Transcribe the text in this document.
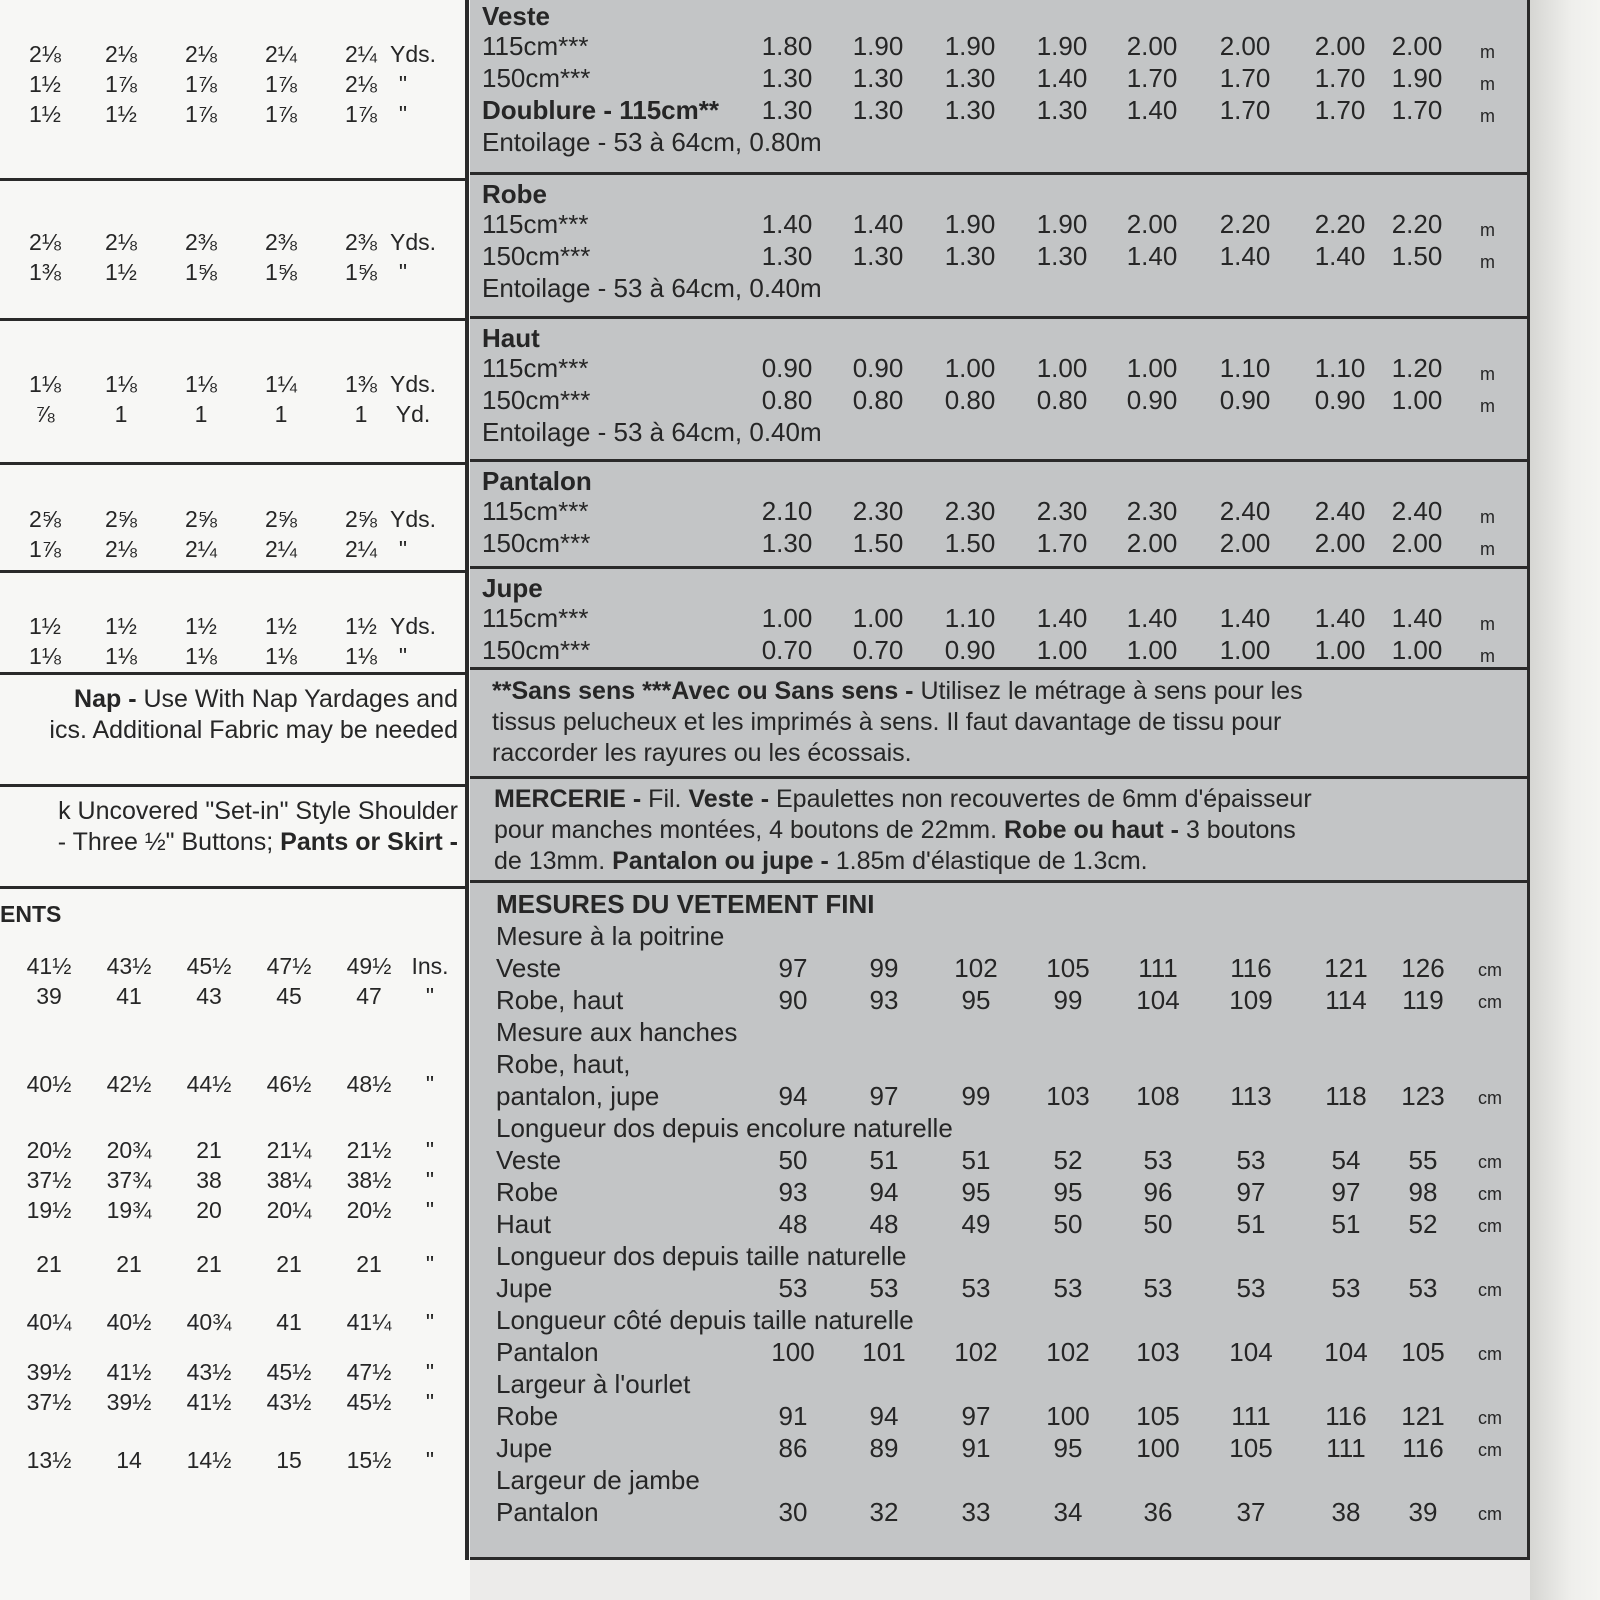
Veste
115cm***	1.80	1.90	1.90	1.90	2.00	2.00	2.00	2.00	m
150cm***	1.30	1.30	1.30	1.40	1.70	1.70	1.70	1.90	m
Doublure - 115cm**	1.30	1.30	1.30	1.30	1.40	1.70	1.70	1.70	m
Entoilage - 53 à 64cm, 0.80m
Robe
115cm***	1.40	1.40	1.90	1.90	2.00	2.20	2.20	2.20	m
150cm***	1.30	1.30	1.30	1.30	1.40	1.40	1.40	1.50	m
Entoilage - 53 à 64cm, 0.40m
Haut
115cm***	0.90	0.90	1.00	1.00	1.00	1.10	1.10	1.20	m
150cm***	0.80	0.80	0.80	0.80	0.90	0.90	0.90	1.00	m
Entoilage - 53 à 64cm, 0.40m
Pantalon
115cm***	2.10	2.30	2.30	2.30	2.30	2.40	2.40	2.40	m
150cm***	1.30	1.50	1.50	1.70	2.00	2.00	2.00	2.00	m
Jupe
115cm***	1.00	1.00	1.10	1.40	1.40	1.40	1.40	1.40	m
150cm***	0.70	0.70	0.90	1.00	1.00	1.00	1.00	1.00	m
**Sans sens ***Avec ou Sans sens - Utilisez le métrage à sens pour les
tissus pelucheux et les imprimés à sens. Il faut davantage de tissu pour
raccorder les rayures ou les écossais.
MERCERIE - Fil. Veste - Epaulettes non recouvertes de 6mm d'épaisseur
pour manches montées, 4 boutons de 22mm. Robe ou haut - 3 boutons
de 13mm. Pantalon ou jupe - 1.85m d'élastique de 1.3cm.
MESURES DU VETEMENT FINI
Mesure à la poitrine
Veste	97	99	102	105	111	116	121	126	cm
Robe, haut	90	93	95	99	104	109	114	119	cm
Mesure aux hanches
Robe, haut,
pantalon, jupe	94	97	99	103	108	113	118	123	cm
Longueur dos depuis encolure naturelle
Veste	50	51	51	52	53	53	54	55	cm
Robe	93	94	95	95	96	97	97	98	cm
Haut	48	48	49	50	50	51	51	52	cm
Longueur dos depuis taille naturelle
Jupe	53	53	53	53	53	53	53	53	cm
Longueur côté depuis taille naturelle
Pantalon	100	101	102	102	103	104	104	105	cm
Largeur à l'ourlet
Robe	91	94	97	100	105	111	116	121	cm
Jupe	86	89	91	95	100	105	111	116	cm
Largeur de jambe
Pantalon	30	32	33	34	36	37	38	39	cm
2⅛	2⅛	2⅛	2¼	2¼ Yds.
1½	1⅞	1⅞	1⅞	2⅛ "
1½	1½	1⅞	1⅞	1⅞ "
2⅛	2⅛	2⅜	2⅜	2⅜ Yds.
1⅜	1½	1⅝	1⅝	1⅝ "
1⅛	1⅛	1⅛	1¼	1⅜ Yds.
⅞	1	1	1	1	Yd.
2⅝	2⅝	2⅝	2⅝	2⅝ Yds.
1⅞	2⅛	2¼	2¼	2¼ "
1½	1½	1½	1½	1½ Yds.
1⅛	1⅛	1⅛	1⅛	1⅛ "
Nap - Use With Nap Yardages and
ics. Additional Fabric may be needed
k Uncovered "Set-in" Style Shoulder
- Three ½" Buttons; Pants or Skirt -
ENTS
41½	43½	45½	47½	49½ Ins.
39	41	43	45	47	"
40½	42½	44½	46½	48½	"
20½	20¾	21	21¼	21½	"
37½	37¾	38	38¼	38½	"
19½	19¾	20	20¼	20½	"
21	21	21	21	21	"
40¼	40½	40¾	41	41¼	"
39½	41½	43½	45½	47½	"
37½	39½	41½	43½	45½	"
13½	14	14½	15	15½	"
